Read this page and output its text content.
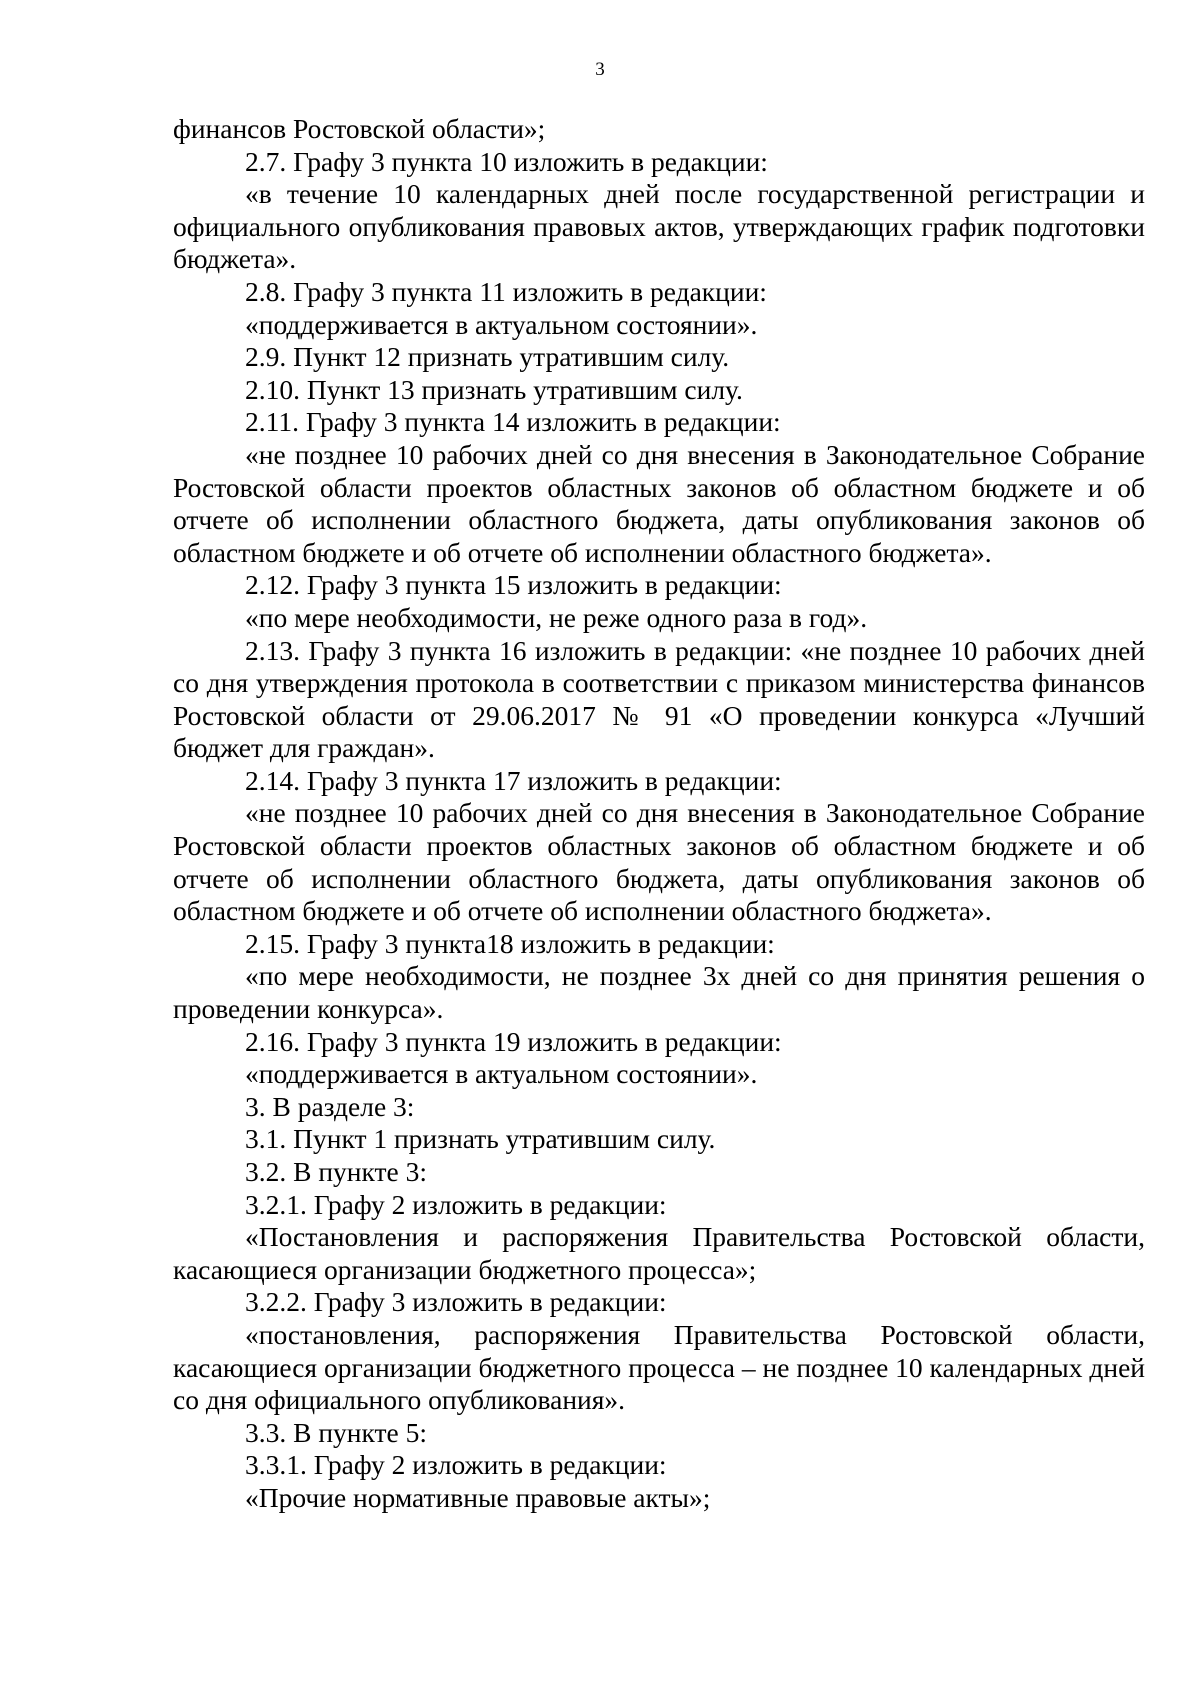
3

финансов Ростовской области»;

2.7. Графу 3 пункта 10 изложить в редакции:

«в течение 10 календарных дней после государственной регистрации и официального опубликования правовых актов, утверждающих график подготовки бюджета».

2.8. Графу 3 пункта 11 изложить в редакции:

«поддерживается в актуальном состоянии».

2.9. Пункт 12 признать утратившим силу.

2.10. Пункт 13 признать утратившим силу.

2.11. Графу 3 пункта 14 изложить в редакции:

«не позднее 10 рабочих дней со дня внесения в Законодательное Собрание Ростовской области проектов областных законов об областном бюджете и об отчете об исполнении областного бюджета, даты опубликования законов об областном бюджете и об отчете об исполнении областного бюджета».

2.12. Графу 3 пункта 15 изложить в редакции:

«по мере необходимости, не реже одного раза в год».

2.13. Графу 3 пункта 16 изложить в редакции: «не позднее 10 рабочих дней со дня утверждения протокола в соответствии с приказом министерства финансов Ростовской области от 29.06.2017 № 91 «О проведении конкурса «Лучший бюджет для граждан».

2.14. Графу 3 пункта 17 изложить в редакции:

«не позднее 10 рабочих дней со дня внесения в Законодательное Собрание Ростовской области проектов областных законов об областном бюджете и об отчете об исполнении областного бюджета, даты опубликования законов об областном бюджете и об отчете об исполнении областного бюджета».

2.15. Графу 3 пункта18 изложить в редакции:

«по мере необходимости, не позднее 3х дней со дня принятия решения о проведении конкурса».

2.16. Графу 3 пункта 19 изложить в редакции:

«поддерживается в актуальном состоянии».

3. В разделе 3:

3.1. Пункт 1 признать утратившим силу.

3.2. В пункте 3:

3.2.1. Графу 2 изложить в редакции:

«Постановления и распоряжения Правительства Ростовской области, касающиеся организации бюджетного процесса»;

3.2.2. Графу 3 изложить в редакции:

«постановления, распоряжения Правительства Ростовской области, касающиеся организации бюджетного процесса – не позднее 10 календарных дней со дня официального опубликования».

3.3. В пункте 5:

3.3.1. Графу 2 изложить в редакции:

«Прочие нормативные правовые акты»;
